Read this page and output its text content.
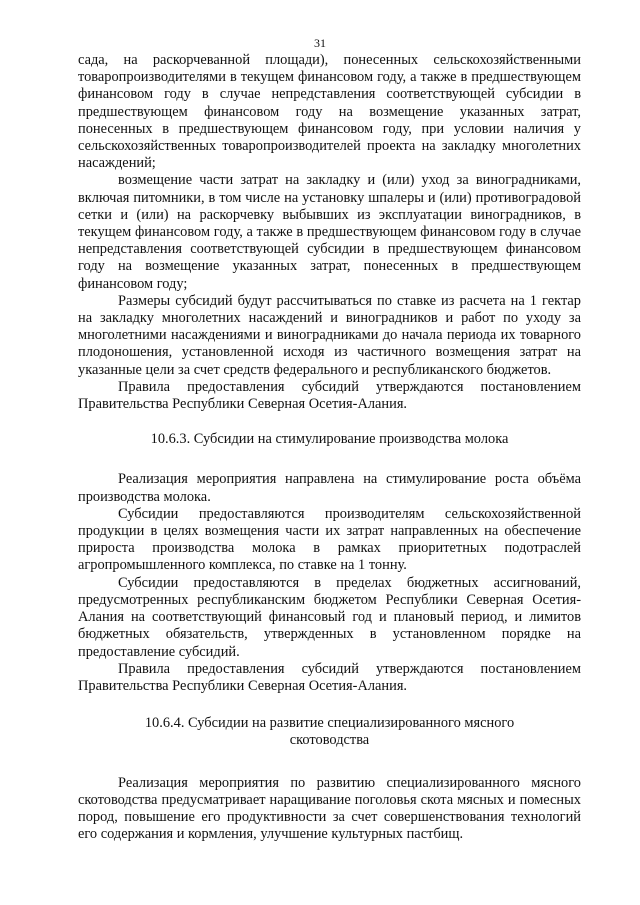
31

сада, на раскорчеванной площади), понесенных сельскохозяйственными товаропроизводителями в текущем финансовом году, а также в предшествующем финансовом году в случае непредставления соответствующей субсидии в предшествующем финансовом году на возмещение указанных затрат, понесенных в предшествующем финансовом году, при условии наличия у сельскохозяйственных товаропроизводителей проекта на закладку многолетних насаждений;

возмещение части затрат на закладку и (или) уход за виноградниками, включая питомники, в том числе на установку шпалеры и (или) противоградовой сетки и (или) на раскорчевку выбывших из эксплуатации виноградников, в текущем финансовом году, а также в предшествующем финансовом году в случае непредставления соответствующей субсидии в предшествующем финансовом году на возмещение указанных затрат, понесенных в предшествующем финансовом году;

Размеры субсидий будут рассчитываться по ставке из расчета на 1 гектар на закладку многолетних насаждений и виноградников и работ по уходу за многолетними насаждениями и виноградниками до начала периода их товарного плодоношения, установленной исходя из частичного возмещения затрат на указанные цели за счет средств федерального и республиканского бюджетов.

Правила предоставления субсидий утверждаются постановлением Правительства Республики Северная Осетия-Алания.

10.6.3. Субсидии на стимулирование производства молока

Реализация мероприятия направлена на стимулирование роста объёма производства молока.

Субсидии предоставляются производителям сельскохозяйственной продукции в целях возмещения части их затрат направленных на обеспечение прироста производства молока в рамках приоритетных подотраслей агропромышленного комплекса, по ставке на 1 тонну.

Субсидии предоставляются в пределах бюджетных ассигнований, предусмотренных республиканским бюджетом Республики Северная Осетия-Алания на соответствующий финансовый год и плановый период, и лимитов бюджетных обязательств, утвержденных в установленном порядке на предоставление субсидий.

Правила предоставления субсидий утверждаются постановлением Правительства Республики Северная Осетия-Алания.

10.6.4. Субсидии на развитие специализированного мясного скотоводства

Реализация мероприятия по развитию специализированного мясного скотоводства предусматривает наращивание поголовья скота мясных и помесных пород, повышение его продуктивности за счет совершенствования технологий его содержания и кормления, улучшение культурных пастбищ.
